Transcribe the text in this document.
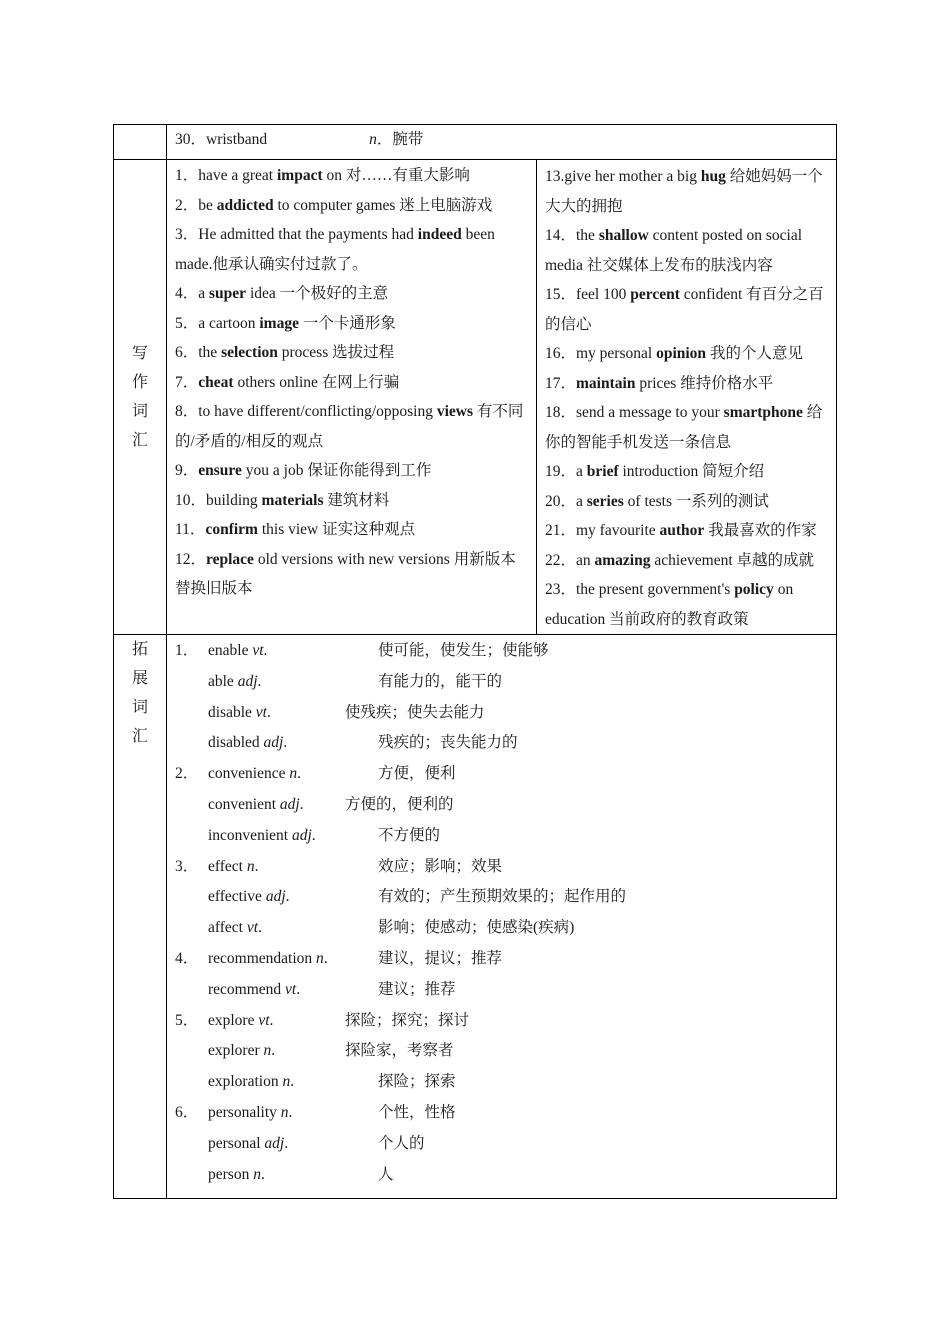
	30．wristband	n．腕带

写
作
词
汇

1．have a great impact on 对……有重大影响

2．be addicted to computer games 迷上电脑游戏

3．He admitted that the payments had indeed been made.他承认确实付过款了。

4．a super idea 一个极好的主意

5．a cartoon image 一个卡通形象

6．the selection process 选拔过程

7．cheat others online 在网上行骗

8．to have different/conflicting/opposing views 有不同的/矛盾的/相反的观点

9．ensure you a job 保证你能得到工作

10．building materials 建筑材料

11．confirm this view 证实这种观点

12．replace old versions with new versions 用新版本替换旧版本

13.give her mother a big hug 给她妈妈一个大大的拥抱

14．the shallow content posted on social media 社交媒体上发布的肤浅内容

15．feel 100 percent confident 有百分之百的信心

16．my personal opinion 我的个人意见

17．maintain prices 维持价格水平

18．send a message to your smartphone 给你的智能手机发送一条信息

19．a brief introduction 简短介绍

20．a series of tests 一系列的测试

21．my favourite author 我最喜欢的作家

22．an amazing achievement 卓越的成就

23．the present government's policy on education 当前政府的教育政策

拓
展
词
汇

1． enable vt.	使可能，使发生；使能够
able adj.	有能力的，能干的
disable vt.	使残疾；使失去能力
disabled adj.	残疾的；丧失能力的
2． convenience n.	方便，便利
convenient adj.	方便的，便利的
inconvenient adj.	不方便的
3． effect n.	效应；影响；效果
effective adj.	有效的；产生预期效果的；起作用的
affect vt.	影响；使感动；使感染(疾病)
4． recommendation n.	建议，提议；推荐
recommend vt.	建议；推荐
5． explore vt.	探险；探究；探讨
explorer n.	探险家，考察者
exploration n.	探险；探索
6． personality n.	个性，性格
personal adj.	个人的
person n.	人
